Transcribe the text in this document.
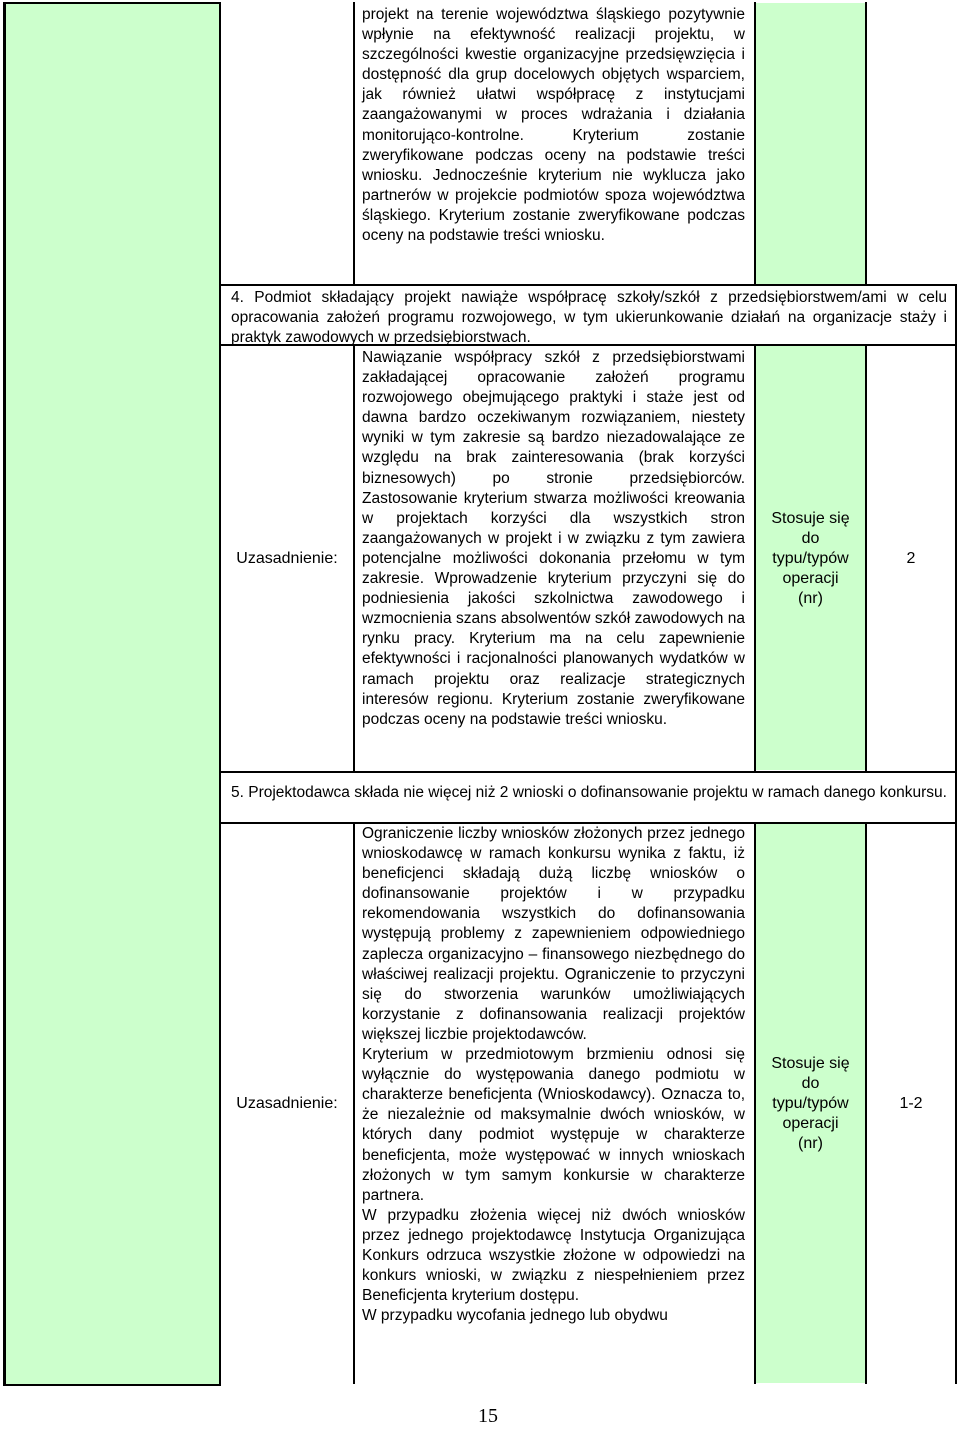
projekt na terenie województwa śląskiego pozytywnie wpłynie na efektywność realizacji projektu, w szczególności kwestie organizacyjne przedsięwzięcia i dostępność dla grup docelowych objętych wsparciem, jak również ułatwi współpracę z instytucjami zaangażowanymi w proces wdrażania i działania monitorująco-kontrolne. Kryterium zostanie zweryfikowane podczas oceny na podstawie treści wniosku. Jednocześnie kryterium nie wyklucza jako partnerów w projekcie podmiotów spoza województwa śląskiego. Kryterium zostanie zweryfikowane podczas oceny na podstawie treści wniosku.
4. Podmiot składający projekt nawiąże współpracę szkoły/szkół z przedsiębiorstwem/ami w celu opracowania założeń programu rozwojowego, w tym ukierunkowanie działań na organizacje staży i praktyk zawodowych w przedsiębiorstwach.
Uzasadnienie:
Nawiązanie współpracy szkół z przedsiębiorstwami zakładającej opracowanie założeń programu rozwojowego obejmującego praktyki i staże jest od dawna bardzo oczekiwanym rozwiązaniem, niestety wyniki w tym zakresie są bardzo niezadowalające ze względu na brak zainteresowania (brak korzyści biznesowych) po stronie przedsiębiorców. Zastosowanie kryterium stwarza możliwości kreowania w projektach korzyści dla wszystkich stron zaangażowanych w projekt i w związku z tym zawiera potencjalne możliwości dokonania przełomu w tym zakresie. Wprowadzenie kryterium przyczyni się do podniesienia jakości szkolnictwa zawodowego i wzmocnienia szans absolwentów szkół zawodowych na rynku pracy. Kryterium ma na celu zapewnienie efektywności i racjonalności planowanych wydatków w ramach projektu oraz realizacje strategicznych interesów regionu. Kryterium zostanie zweryfikowane podczas oceny na podstawie treści wniosku.
Stosuje się
do
typu/typów
operacji
(nr)
2
5. Projektodawca składa nie więcej niż 2 wnioski o dofinansowanie projektu w ramach danego konkursu.
Uzasadnienie:
Ograniczenie liczby wniosków złożonych przez jednego wnioskodawcę w ramach konkursu wynika z faktu, iż beneficjenci składają dużą liczbę wniosków o dofinansowanie projektów i w przypadku rekomendowania wszystkich do dofinansowania występują problemy z zapewnieniem odpowiedniego zaplecza organizacyjno – finansowego niezbędnego do właściwej realizacji projektu. Ograniczenie to przyczyni się do stworzenia warunków umożliwiających korzystanie z dofinansowania realizacji projektów większej liczbie projektodawców.
Kryterium w przedmiotowym brzmieniu odnosi się wyłącznie do występowania danego podmiotu w charakterze beneficjenta (Wnioskodawcy). Oznacza to, że niezależnie od maksymalnie dwóch wniosków, w których dany podmiot występuje w charakterze beneficjenta, może występować w innych wnioskach złożonych w tym samym konkursie w charakterze partnera.
W przypadku złożenia więcej niż dwóch wniosków przez jednego projektodawcę Instytucja Organizująca Konkurs odrzuca wszystkie złożone w odpowiedzi na konkurs wnioski, w związku z niespełnieniem przez Beneficjenta kryterium dostępu.
W przypadku wycofania jednego lub obydwu
Stosuje się
do
typu/typów
operacji
(nr)
1-2
15
